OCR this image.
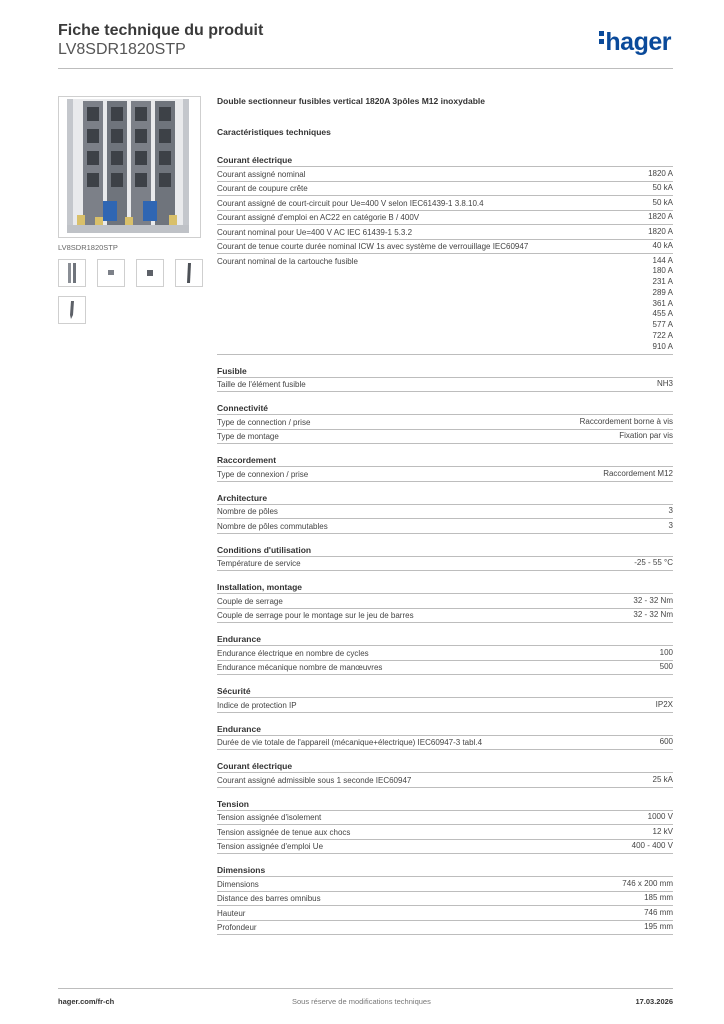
Fiche technique du produit
LV8SDR1820STP	hager
LV8SDR1820STP
Double sectionneur fusibles vertical 1820A 3pôles M12 inoxydable
Caractéristiques techniques
Courant électrique
Courant assigné nominal	1820 A
Courant de coupure crête	50 kA
Courant assigné de court-circuit pour Ue=400 V selon IEC61439-1 3.8.10.4	50 kA
Courant assigné d'emploi en AC22 en catégorie B / 400V	1820 A
Courant nominal pour Ue=400 V AC IEC 61439-1 5.3.2	1820 A
Courant de tenue courte durée nominal ICW 1s avec système de verrouillage IEC60947	40 kA
Courant nominal de la cartouche fusible	144 A
180 A
231 A
289 A
361 A
455 A
577 A
722 A
910 A
Fusible
Taille de l'élément fusible	NH3
Connectivité
Type de connection / prise	Raccordement borne à vis
Type de montage	Fixation par vis
Raccordement
Type de connexion / prise	Raccordement M12
Architecture
Nombre de pôles	3
Nombre de pôles commutables	3
Conditions d'utilisation
Température de service	-25 - 55 °C
Installation, montage
Couple de serrage	32 - 32 Nm
Couple de serrage pour le montage sur le jeu de barres	32 - 32 Nm
Endurance
Endurance électrique en nombre de cycles	100
Endurance mécanique nombre de manœuvres	500
Sécurité
Indice de protection IP	IP2X
Endurance
Durée de vie totale de l'appareil (mécanique+électrique) IEC60947-3 tabl.4	600
Courant électrique
Courant assigné admissible sous 1 seconde IEC60947	25 kA
Tension
Tension assignée d'isolement	1000 V
Tension assignée de tenue aux chocs	12 kV
Tension assignée d'emploi Ue	400 - 400 V
Dimensions
Dimensions	746 x 200 mm
Distance des barres omnibus	185 mm
Hauteur	746 mm
Profondeur	195 mm
hager.com/fr-ch	Sous réserve de modifications techniques	17.03.2026
